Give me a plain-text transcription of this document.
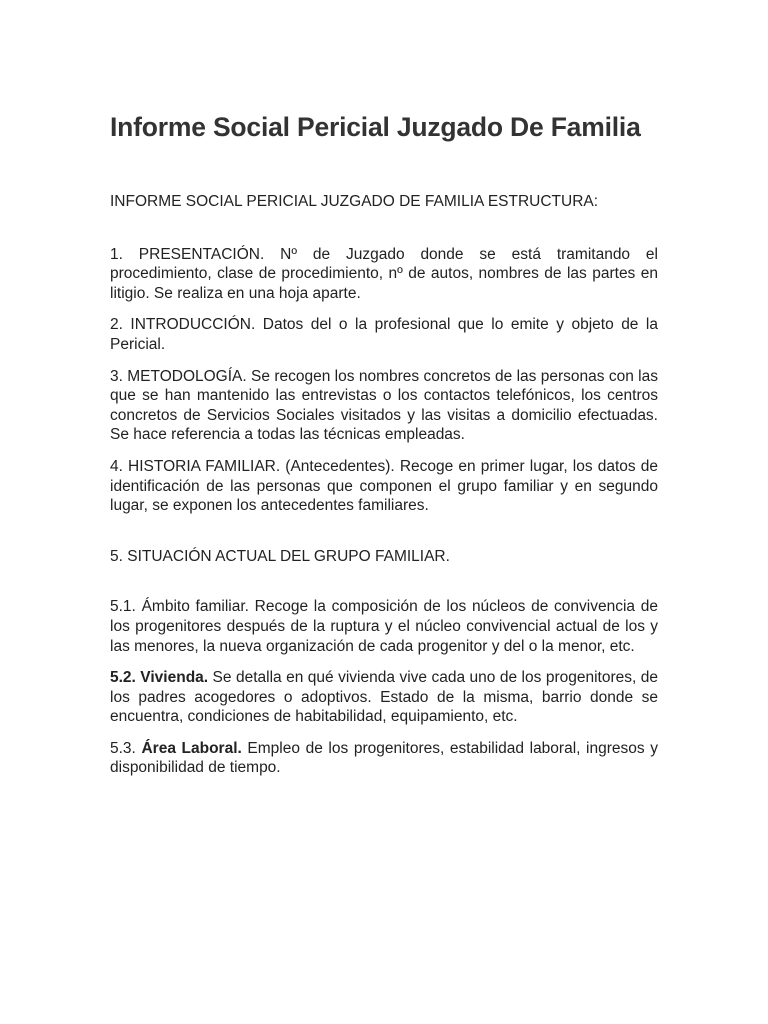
Informe Social Pericial Juzgado De Familia

INFORME SOCIAL PERICIAL JUZGADO DE FAMILIA ESTRUCTURA:

1. PRESENTACIÓN. Nº de Juzgado donde se está tramitando el procedimiento, clase de procedimiento, nº de autos, nombres de las partes en litigio. Se realiza en una hoja aparte.

2. INTRODUCCIÓN. Datos del o la profesional que lo emite y objeto de la Pericial.

3. METODOLOGÍA. Se recogen los nombres concretos de las personas con las que se han mantenido las entrevistas o los contactos telefónicos, los centros concretos de Servicios Sociales visitados y las visitas a domicilio efectuadas. Se hace referencia a todas las técnicas empleadas.

4. HISTORIA FAMILIAR. (Antecedentes). Recoge en primer lugar, los datos de identificación de las personas que componen el grupo familiar y en segundo lugar, se exponen los antecedentes familiares.

5. SITUACIÓN ACTUAL DEL GRUPO FAMILIAR.

5.1. Ámbito familiar. Recoge la composición de los núcleos de convivencia de los progenitores después de la ruptura y el núcleo convivencial actual de los y las menores, la nueva organización de cada progenitor y del o la menor, etc.

5.2. Vivienda. Se detalla en qué vivienda vive cada uno de los progenitores, de los padres acogedores o adoptivos. Estado de la misma, barrio donde se encuentra, condiciones de habitabilidad, equipamiento, etc.

5.3. Área Laboral. Empleo de los progenitores, estabilidad laboral, ingresos y disponibilidad de tiempo.
